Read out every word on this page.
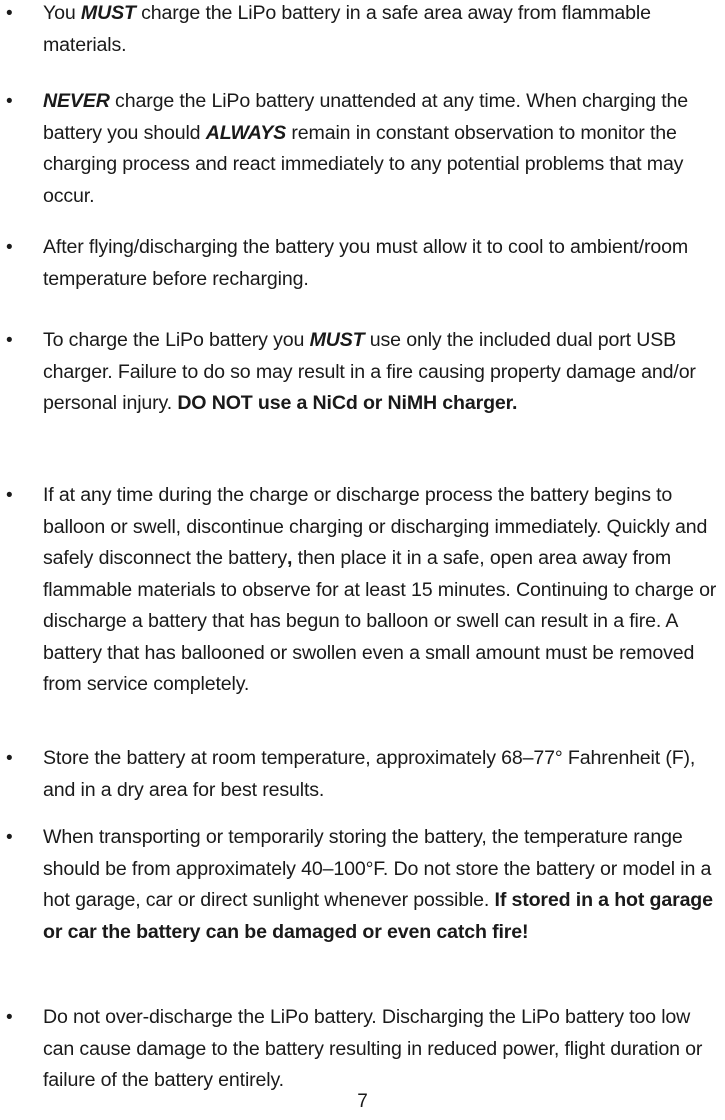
• You MUST charge the LiPo battery in a safe area away from flammable materials.
• NEVER charge the LiPo battery unattended at any time. When charging the battery you should ALWAYS remain in constant observation to monitor the charging process and react immediately to any potential problems that may occur.
• After flying/discharging the battery you must allow it to cool to ambient/room temperature before recharging.
• To charge the LiPo battery you MUST use only the included dual port USB charger. Failure to do so may result in a fire causing property damage and/or personal injury. DO NOT use a NiCd or NiMH charger.
• If at any time during the charge or discharge process the battery begins to balloon or swell, discontinue charging or discharging immediately. Quickly and safely disconnect the battery, then place it in a safe, open area away from flammable materials to observe for at least 15 minutes. Continuing to charge or discharge a battery that has begun to balloon or swell can result in a fire. A battery that has ballooned or swollen even a small amount must be removed from service completely.
• Store the battery at room temperature, approximately 68–77° Fahrenheit (F), and in a dry area for best results.
• When transporting or temporarily storing the battery, the temperature range should be from approximately 40–100°F. Do not store the battery or model in a hot garage, car or direct sunlight whenever possible. If stored in a hot garage or car the battery can be damaged or even catch fire!
• Do not over-discharge the LiPo battery. Discharging the LiPo battery too low can cause damage to the battery resulting in reduced power, flight duration or failure of the battery entirely.
7
